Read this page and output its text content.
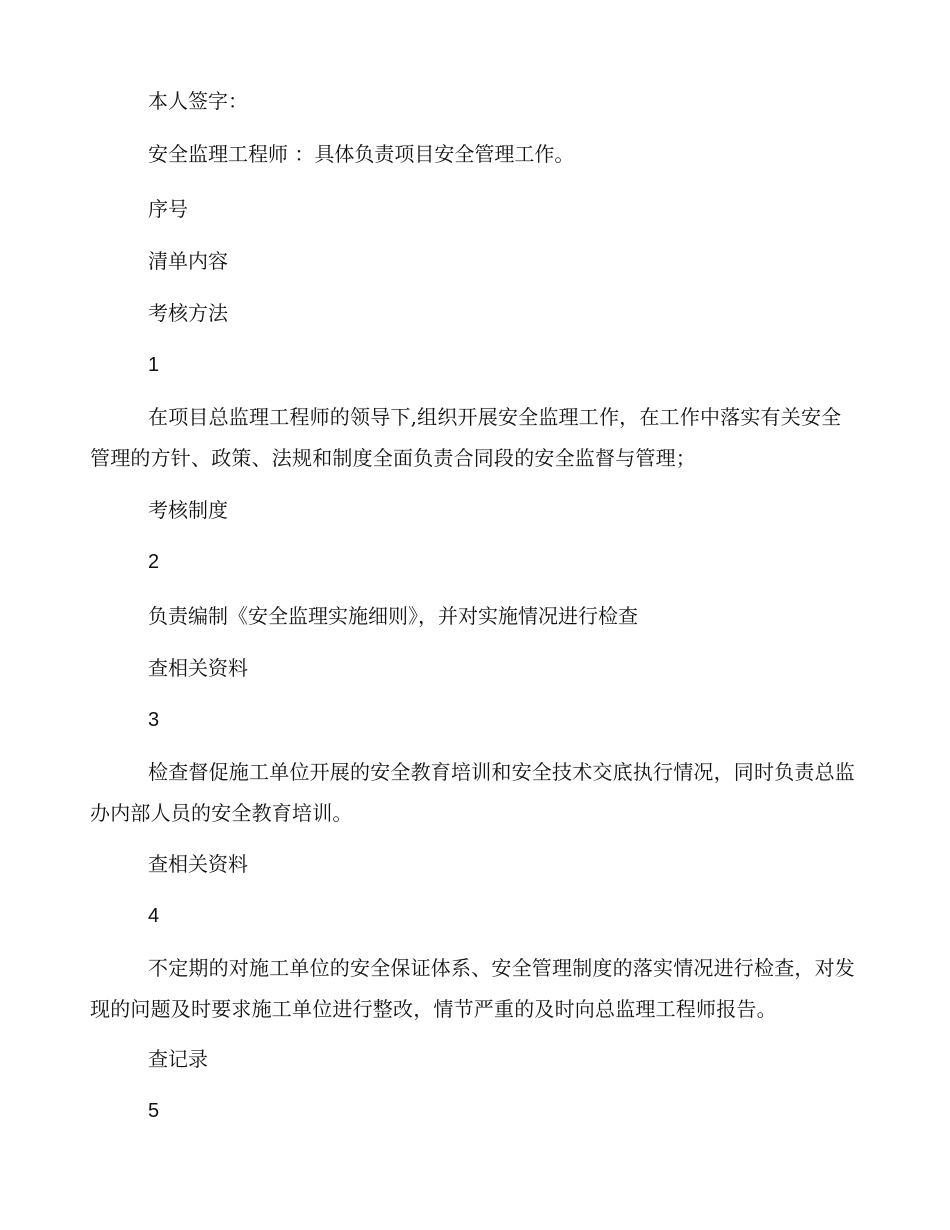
本人签字：
安全监理工程师 ：具体负责项目安全管理工作。
序号
清单内容
考核方法
1
在项目总监理工程师的领导下,组织开展安全监理工作，在工作中落实有关安全管理的方针、政策、法规和制度全面负责合同段的安全监督与管理；
考核制度
2
负责编制《安全监理实施细则》，并对实施情况进行检查
查相关资料
3
检查督促施工单位开展的安全教育培训和安全技术交底执行情况，同时负责总监办内部人员的安全教育培训。
查相关资料
4
不定期的对施工单位的安全保证体系、安全管理制度的落实情况进行检查，对发现的问题及时要求施工单位进行整改，情节严重的及时向总监理工程师报告。
查记录
5
